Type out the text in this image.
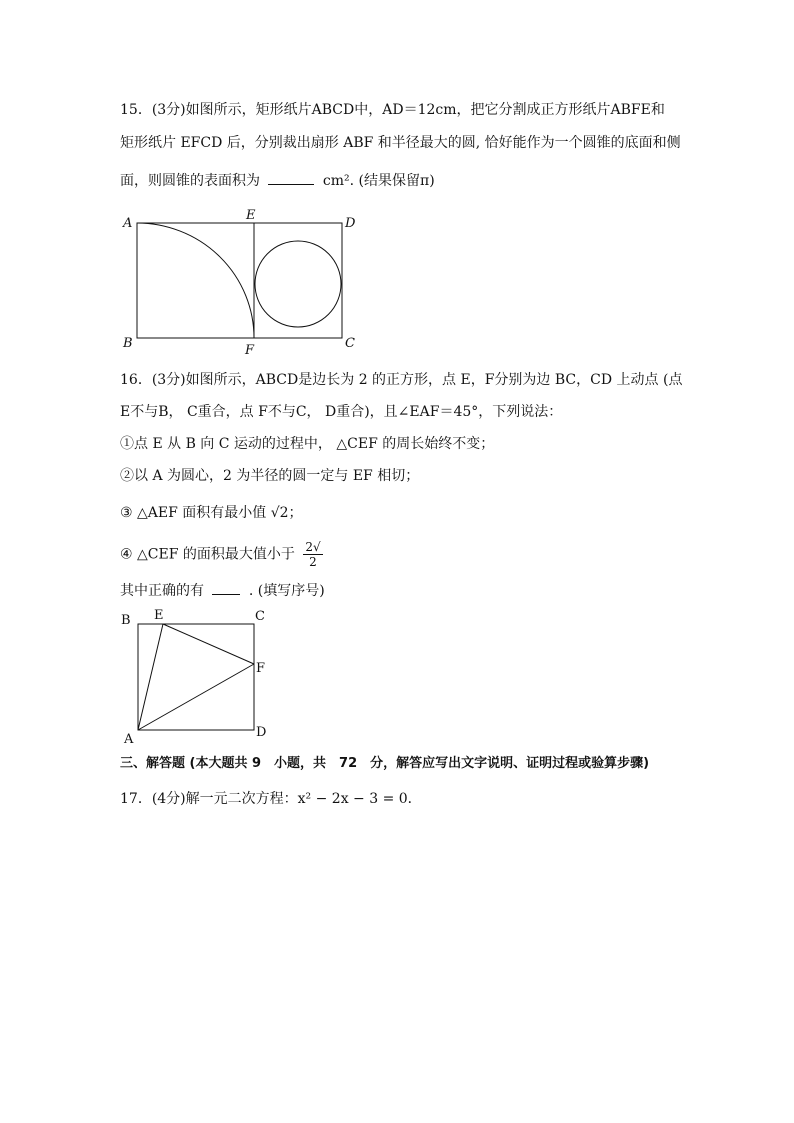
15．(3分)如图所示，矩形纸片ABCD中，AD＝12cm，把它分割成正方形纸片ABFE和
矩形纸片 EFCD 后，分别裁出扇形 ABF 和半径最大的圆, 恰好能作为一个圆锥的底面和侧
面，则圆锥的表面积为	cm². (结果保留π)
A
E
D
B	F	C
16．(3分)如图所示，ABCD是边长为 2 的正方形，点 E，F分别为边 BC，CD 上动点 (点
E不与B， C重合，点 F不与C， D重合)，且∠EAF＝45°，下列说法：
①点 E 从 B 向 C 运动的过程中， △CEF 的周长始终不变；
②以 A 为圆心，2 为半径的圆一定与 EF 相切；
③ △AEF 面积有最小值 √2；
④ △CEF 的面积最大值小于 $\frac{2√}{2}$
其中正确的有	. (填写序号)
B E	C
F
A	D
三、解答题 (本大题共 9　小题，共　72　分，解答应写出文字说明、证明过程或验算步骤)
17．(4分)解一元二次方程：x² − 2x − 3 = 0．
